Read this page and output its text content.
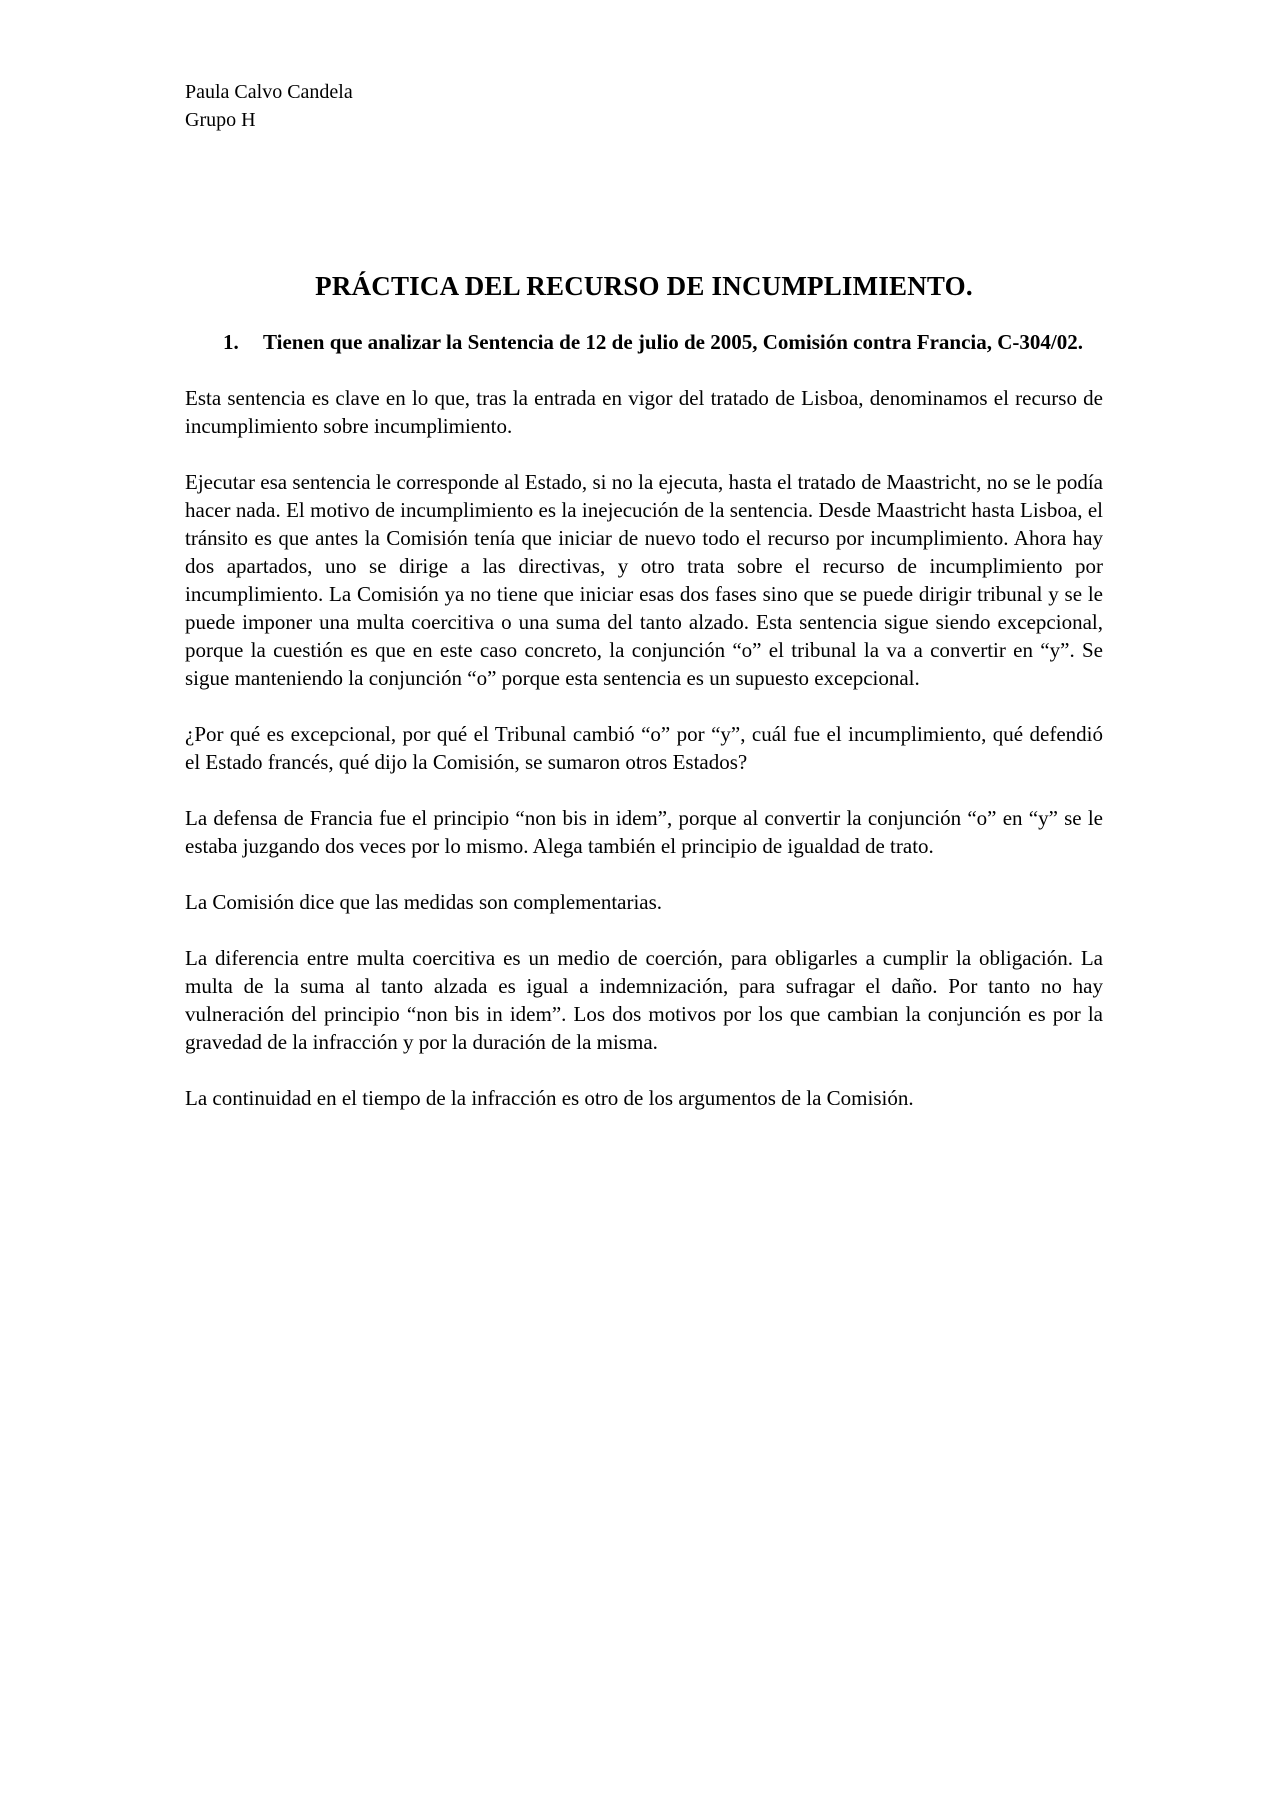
Paula Calvo Candela

Grupo H

PRÁCTICA DEL RECURSO DE INCUMPLIMIENTO.
1.	Tienen que analizar la Sentencia de 12 de julio de 2005, Comisión contra Francia, C-304/02.

Esta sentencia es clave en lo que, tras la entrada en vigor del tratado de Lisboa, denominamos el recurso de incumplimiento sobre incumplimiento.

Ejecutar esa sentencia le corresponde al Estado, si no la ejecuta, hasta el tratado de Maastricht, no se le podía hacer nada. El motivo de incumplimiento es la inejecución de la sentencia. Desde Maastricht hasta Lisboa, el tránsito es que antes la Comisión tenía que iniciar de nuevo todo el recurso por incumplimiento. Ahora hay dos apartados, uno se dirige a las directivas, y otro trata sobre el recurso de incumplimiento por incumplimiento. La Comisión ya no tiene que iniciar esas dos fases sino que se puede dirigir tribunal y se le puede imponer una multa coercitiva o una suma del tanto alzado. Esta sentencia sigue siendo excepcional, porque la cuestión es que en este caso concreto, la conjunción “o” el tribunal la va a convertir en “y”. Se sigue manteniendo la conjunción “o” porque esta sentencia es un supuesto excepcional.

¿Por qué es excepcional, por qué el Tribunal cambió “o” por “y”, cuál fue el incumplimiento, qué defendió el Estado francés, qué dijo la Comisión, se sumaron otros Estados?

La defensa de Francia fue el principio “non bis in idem”, porque al convertir la conjunción “o” en “y” se le estaba juzgando dos veces por lo mismo. Alega también el principio de igualdad de trato.

La Comisión dice que las medidas son complementarias.

La diferencia entre multa coercitiva es un medio de coerción, para obligarles a cumplir la obligación. La multa de la suma al tanto alzada es igual a indemnización, para sufragar el daño. Por tanto no hay vulneración del principio “non bis in idem”. Los dos motivos por los que cambian la conjunción es por la gravedad de la infracción y por la duración de la misma.

La continuidad en el tiempo de la infracción es otro de los argumentos de la Comisión.
